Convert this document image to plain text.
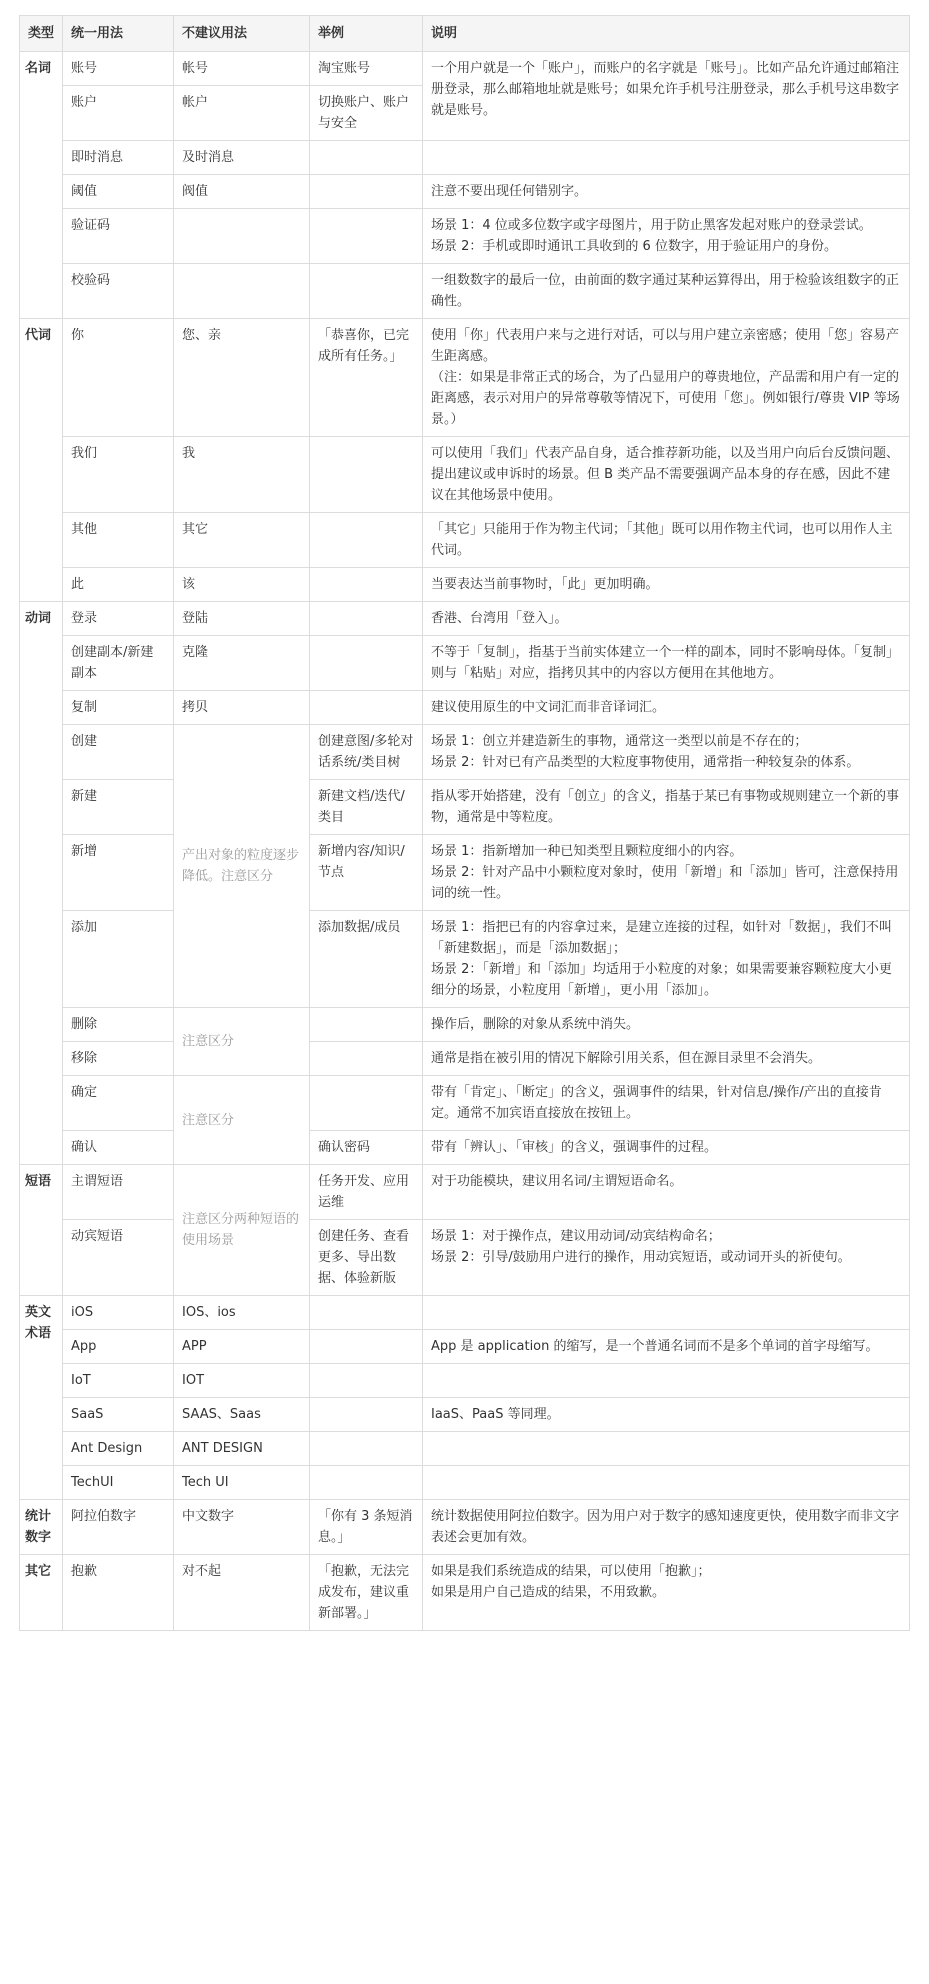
类型	统一用法	不建议用法	举例	说明
名词	账号	帐号	淘宝账号	一个用户就是一个「账户」，而账户的名字就是「账号」。比如产品允许通过邮箱注册登录，那么邮箱地址就是账号；如果允许手机号注册登录，那么手机号这串数字就是账号。

	账户	帐户	切换账户、账户与安全	
	即时消息	及时消息		

	阈值	阀值		注意不要出现任何错别字。

	验证码			场景 1：4 位或多位数字或字母图片，用于防止黑客发起对账户的登录尝试。
场景 2：手机或即时通讯工具收到的 6 位数字，用于验证用户的身份。

	校验码			一组数数字的最后一位，由前面的数字通过某种运算得出，用于检验该组数字的正确性。

代词	你	您、亲	「恭喜你，已完成所有任务。」	使用「你」代表用户来与之进行对话，可以与用户建立亲密感；使用「您」容易产生距离感。
（注：如果是非常正式的场合，为了凸显用户的尊贵地位，产品需和用户有一定的距离感，表示对用户的异常尊敬等情况下，可使用「您」。例如银行/尊贵 VIP 等场景。）

	我们	我		可以使用「我们」代表产品自身，适合推荐新功能，以及当用户向后台反馈问题、提出建议或申诉时的场景。但 B 类产品不需要强调产品本身的存在感，因此不建议在其他场景中使用。

	其他	其它		「其它」只能用于作为物主代词；「其他」既可以用作物主代词，也可以用作人主代词。

	此	该		当要表达当前事物时，「此」更加明确。

动词	登录	登陆		香港、台湾用「登入」。

	创建副本/新建副本	克隆		不等于「复制」，指基于当前实体建立一个一样的副本，同时不影响母体。「复制」则与「粘贴」对应，指拷贝其中的内容以方便用在其他地方。

	复制	拷贝		建议使用原生的中文词汇而非音译词汇。

	创建	产出对象的粒度逐步降低。注意区分	创建意图/多轮对话系统/类目树	场景 1：创立并建造新生的事物，通常这一类型以前是不存在的；
场景 2：针对已有产品类型的大粒度事物使用，通常指一种较复杂的体系。

	新建		新建文档/迭代/类目	指从零开始搭建，没有「创立」的含义，指基于某已有事物或规则建立一个新的事物，通常是中等粒度。

	新增		新增内容/知识/节点	场景 1：指新增加一种已知类型且颗粒度细小的内容。
场景 2：针对产品中小颗粒度对象时，使用「新增」和「添加」皆可，注意保持用词的统一性。

	添加		添加数据/成员	场景 1：指把已有的内容拿过来，是建立连接的过程，如针对「数据」，我们不叫「新建数据」，而是「添加数据」；
场景 2：「新增」和「添加」均适用于小粒度的对象；如果需要兼容颗粒度大小更细分的场景，小粒度用「新增」，更小用「添加」。

	删除	注意区分		操作后，删除的对象从系统中消失。

	移除			通常是指在被引用的情况下解除引用关系，但在源目录里不会消失。

	确定	注意区分		带有「肯定」、「断定」的含义，强调事件的结果，针对信息/操作/产出的直接肯定。通常不加宾语直接放在按钮上。

	确认		确认密码	带有「辨认」、「审核」的含义，强调事件的过程。

短语	主谓短语	注意区分两种短语的使用场景	任务开发、应用运维	对于功能模块，建议用名词/主谓短语命名。

	动宾短语		创建任务、查看更多、导出数据、体验新版	场景 1：对于操作点，建议用动词/动宾结构命名；
场景 2：引导/鼓励用户进行的操作，用动宾短语，或动词开头的祈使句。

英文术语	iOS	IOS、ios		

	App	APP		App 是 application 的缩写，是一个普通名词而不是多个单词的首字母缩写。

	IoT	IOT		

	SaaS	SAAS、Saas		IaaS、PaaS 等同理。

	Ant Design	ANT DESIGN		

	TechUI	Tech UI		

统计数字	阿拉伯数字	中文数字	「你有 3 条短消息。」	统计数据使用阿拉伯数字。因为用户对于数字的感知速度更快，使用数字而非文字表述会更加有效。

其它	抱歉	对不起	「抱歉，无法完成发布，建议重新部署。」	如果是我们系统造成的结果，可以使用「抱歉」；
如果是用户自己造成的结果，不用致歉。
